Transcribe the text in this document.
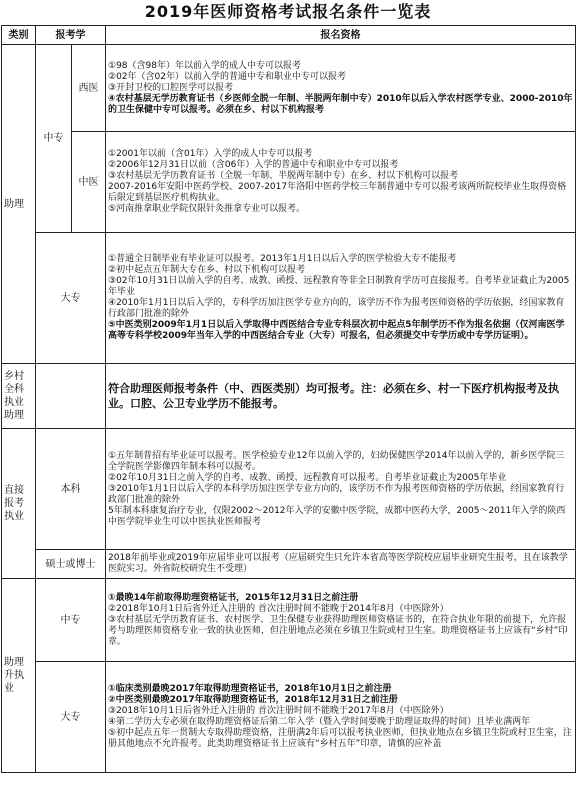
2019年医师资格考试报名条件一览表
类别	报考学		报名资格
助理	中专	西医	①98（含98年）年以前入学的成人中专可以报考
②02年（含02年）以前入学的普通中专和职业中专可以报考
③开封卫校的口腔医学可以报考
④农村基层无学历教育证书（乡医师全脱一年制、半脱两年制中专）2010年以后入学农村医学专业、2000-2010年的卫生保健中专可以报考。必须在乡、村以下机构报考

		中医	①2001年以前（含01年）入学的成人中专可以报考
②2006年12月31日以前（含06年）入学的普通中专和职业中专可以报考
③农村基层无学历教育证书（全脱一年制、半脱两年制中专）在乡、村以下机构可以报考
2007-2016年安阳中医药学校、2007-2017年洛阳中医药学校三年制普通中专可以报考该两所院校毕业生取得资格后限定到基层医疗机构执业。
⑤河南推拿职业学院仅限针灸推拿专业可以报考。

	大专		①普通全日制毕业有毕业证可以报考。2013年1月1日以后入学的医学检验大专不能报考
②初中起点五年制大专在乡、村以下机构可以报考
③02年10月31日以前入学的自考、成教、函授、远程教育等非全日制教育学历可直接报考。自考毕业证截止为2005年毕业
④2010年1月1日以后入学的，专科学历加注医学专业方向的，该学历不作为报考医师资格的学历依据，经国家教育行政部门批准的除外
⑤中医类别2009年1月1日以后入学取得中西医结合专业专科层次初中起点5年制学历不作为报名依据（仅河南医学高等专科学校2009年当年入学的中西医结合专业（大专）可报名，但必须提交中专学历或中专学历证明）。

乡村全科执业助理			符合助理医师报考条件（中、西医类别）均可报考。注：必须在乡、村一下医疗机构报考及执业。口腔、公卫专业学历不能报考。
直接报考执业	本科		①五年制普招有毕业证可以报考。医学检验专业12年以前入学的，妇幼保健医学2014年以前入学的，新乡医学院三全学院医学影像四年制本科可以报考。
②02年10月31日之前入学的自考、成教、函授、远程教育可以报考。自考毕业证截止为2005年毕业
③2010年1月1日以后入学的本科学历加注医学专业方向的，该学历不作为报考医师资格的学历依据，经国家教育行政部门批准的除外
5年制本科康复治疗专业，仅限2002～2012年入学的安徽中医学院，成都中医药大学，2005～2011年入学的陕西中医学院毕业生可以中医执业医师报考

	硕士或博士		2018年前毕业或2019年应届毕业可以报考（应届研究生只允许本省高等医学院校应届毕业研究生报考，且在该教学医院实习。外省院校研究生不受理）
助理升执业	中专		①最晚14年前取得助理资格证书，2015年12月31日之前注册
②2018年10月1日后省外迁入注册的 首次注册时间不能晚于2014年8月（中医除外）
③农村基层无学历教育证书、农村医学、卫生保健专业获得助理医师资格证书的，在符合执业年限的前提下，允许报考与助理医师资格专业一致的执业医师，但注册地点必须在乡镇卫生院或村卫生室。助理资格证书上应该有“乡村”印章。

	大专		①临床类别最晚2017年取得助理资格证书，2018年10月1日之前注册
②中医类别最晚2017年取得助理资格证书，2018年12月31日之前注册
③2018年10月1日后省外迁入注册的 首次注册时间不能晚于2017年8月（中医除外）
④第二学历大专必须在取得助理资格证后第二年入学（暨入学时间要晚于助理证取得的时间）且毕业满两年
⑤初中起点五年一贯制大专取得助理资格，注册满2年后可以报考执业医师，但执业地点在乡镇卫生院或村卫生室，注册其他地点不允许报考。此类助理资格证书上应该有“乡村五年”印章，请慎的应补盖
